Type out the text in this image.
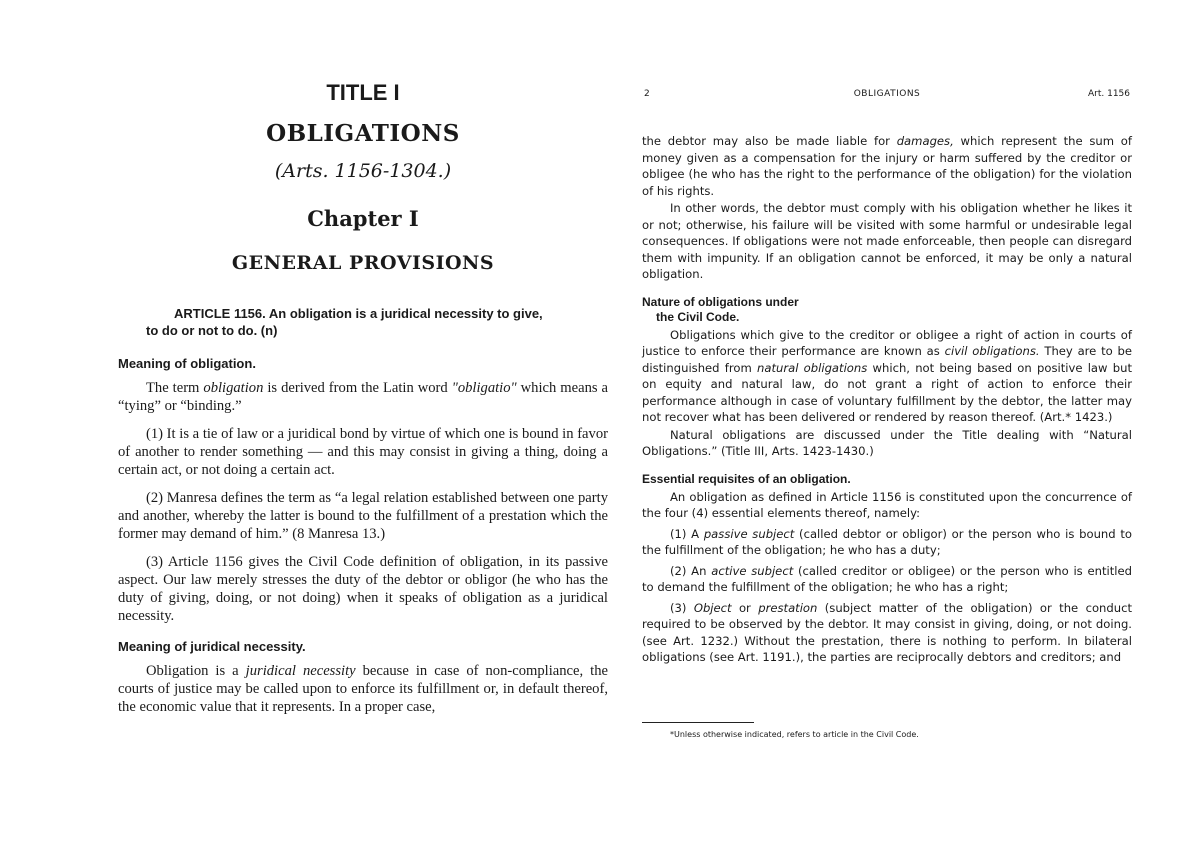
TITLE I
OBLIGATIONS
(Arts. 1156-1304.)
Chapter I
GENERAL PROVISIONS
ARTICLE 1156. An obligation is a juridical necessity to give,
to do or not to do. (n)
Meaning of obligation.

The term obligation is derived from the Latin word "obligatio" which means a “tying” or “binding.”

(1) It is a tie of law or a juridical bond by virtue of which one is bound in favor of another to render something — and this may consist in giving a thing, doing a certain act, or not doing a certain act.

(2) Manresa defines the term as “a legal relation established between one party and another, whereby the latter is bound to the fulfillment of a prestation which the former may demand of him.” (8 Manresa 13.)

(3) Article 1156 gives the Civil Code definition of obligation, in its passive aspect. Our law merely stresses the duty of the debtor or obligor (he who has the duty of giving, doing, or not doing) when it speaks of obligation as a juridical necessity.

Meaning of juridical necessity.

Obligation is a juridical necessity because in case of non-compliance, the courts of justice may be called upon to enforce its fulfillment or, in default thereof, the economic value that it represents. In a proper case,

2	OBLIGATIONS	Art. 1156

the debtor may also be made liable for damages, which represent the sum of money given as a compensation for the injury or harm suffered by the creditor or obligee (he who has the right to the performance of the obligation) for the violation of his rights.

In other words, the debtor must comply with his obligation whether he likes it or not; otherwise, his failure will be visited with some harmful or undesirable legal consequences. If obligations were not made enforceable, then people can disregard them with impunity. If an obligation cannot be enforced, it may be only a natural obligation.

Nature of obligations under
the Civil Code.

Obligations which give to the creditor or obligee a right of action in courts of justice to enforce their performance are known as civil obligations. They are to be distinguished from natural obligations which, not being based on positive law but on equity and natural law, do not grant a right of action to enforce their performance although in case of voluntary fulfillment by the debtor, the latter may not recover what has been delivered or rendered by reason thereof. (Art.* 1423.)

Natural obligations are discussed under the Title dealing with “Natural Obligations.” (Title III, Arts. 1423-1430.)

Essential requisites of an obligation.

An obligation as defined in Article 1156 is constituted upon the concurrence of the four (4) essential elements thereof, namely:

(1) A passive subject (called debtor or obligor) or the person who is bound to the fulfillment of the obligation; he who has a duty;

(2) An active subject (called creditor or obligee) or the person who is entitled to demand the fulfillment of the obligation; he who has a right;

(3) Object or prestation (subject matter of the obligation) or the conduct required to be observed by the debtor. It may consist in giving, doing, or not doing. (see Art. 1232.) Without the prestation, there is nothing to perform. In bilateral obligations (see Art. 1191.), the parties are reciprocally debtors and creditors; and

*Unless otherwise indicated, refers to article in the Civil Code.
